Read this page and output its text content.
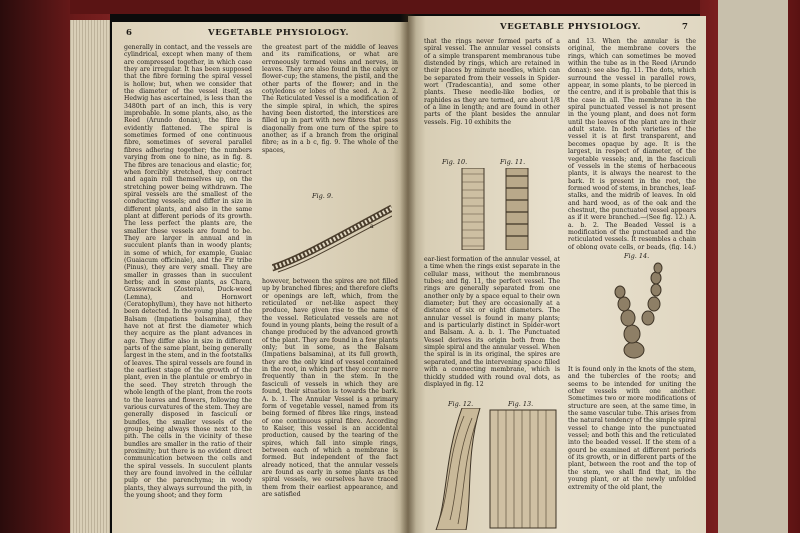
6	VEGETABLE PHYSIOLOGY.
generally in contact, and the vessels are cylindrical, except when many of them are compressed together, in which case they are irregular. It has been supposed that the fibre forming the spiral vessel is hollow; but, when we consider that the diameter of the vessel itself, as Hedwig has ascertained, is less than the 3480th part of an inch, this is very improbable. In some plants, also, as the Reed (Arundo donax), the fibre is evidently flattened. The spiral is sometimes formed of one continuous fibre, sometimes of several parallel fibres adhering together; the numbers varying from one to nine, as in fig. 8. The fibres are tenacious and elastic; for, when forcibly stretched, they contract and again roll themselves up, on the stretching power being withdrawn. The spiral vessels are the smallest of the conducting vessels; and differ in size in different plants, and also in the same plant at different periods of its growth. The less perfect the plants are, the smaller these vessels are found to be. They are larger in annual and in succulent plants than in woody plants; in some of which, for example, Guaiac (Guaiacum officinale), and the Fir tribe (Pinus), they are very small. They are smaller in grasses than in succulent herbs; and in some plants, as Chara, Grasswrack (Zostera), Duck-weed (Lemna), and Hornwort (Ceratophyllum), they have not hitherto been detected. In the young plant of the Balsam (Impatiens balsamina), they have not at first the diameter which they acquire as the plant advances in age. They differ also in size in different parts of the same plant, being generally largest in the stem, and in the footstalks of leaves. The spiral vessels are found in the earliest stage of the growth of the plant, even in the plantule or embryo in the seed. They stretch through the whole length of the plant, from the roots to the leaves and flowers, following the various curvatures of the stem. They are generally disposed in fasciculi or bundles, the smaller vessels of the group being always those next to the pith. The cells in the vicinity of these bundles are smaller in the ratio of their proximity; but there is no evident direct communication between the cells and the spiral vessels. In succulent plants they are found involved in the cellular pulp or the parenchyma; in woody plants, they always surround the pith, in the young shoot; and they form
the greatest part of the middle of leaves and its ramifications, or what are erroneously termed veins and nerves, in leaves. They are also found in the calyx or flower-cup; the stamens, the pistil, and the other parts of the flower; and in the cotyledons or lobes of the seed. A. a. 2. The Reticulated Vessel is a modification of the simple spiral, in which, the spires having been distorted, the interstices are filled up in part with new fibres that pass diagonally from one turn of the spire to another, as if a branch from the original fibre; as in a b c, fig. 9. The whole of the spaces,
Fig. 9.
a
however, between the spires are not filled up by branched fibres; and therefore clefts or openings are left, which, from the reticulated or net-like aspect they produce, have given rise to the name of the vessel. Reticulated vessels are not found in young plants, being the result of a change produced by the advanced growth of the plant. They are found in a few plants only; but in some, as the Balsam (Impatiens balsamina), at its full growth, they are the only kind of vessel contained in the root, in which part they occur more frequently than in the stem. In the fasciculi of vessels in which they are found, their situation is towards the bark. A. b. 1. The Annular Vessel is a primary form of vegetable vessel, named from its being formed of fibres like rings, instead of one continuous spiral fibre. According to Kaiser, this vessel is an accidental production, caused by the tearing of the spires, which fall into simple rings, between each of which a membrane is formed. But independent of the fact already noticed, that the annular vessels are found as early in some plants as the spiral vessels, we ourselves have traced them from their earliest appearance, and are satisfied
VEGETABLE PHYSIOLOGY.	7
that the rings never formed parts of a spiral vessel. The annular vessel consists of a simple transparent membranous tube distended by rings, which are retained in their places by minute needles, which can be separated from their vessels in Spider-wort (Tradescantia), and some other plants. These needle-like bodies, or raphides as they are termed, are about 1/8 of a line in length; and are found in other parts of the plant besides the annular vessels. Fig. 10 exhibits the
Fig. 10.	Fig. 11.
ear-liest formation of the annular vessel, at a time when the rings exist separate in the cellular mass, without the membranous tubes; and fig. 11, the perfect vessel. The rings are generally separated from one another only by a space equal to their own diameter; but they are occasionally at a distance of six or eight diameters. The annular vessel is found in many plants; and is particularly distinct in Spider-wort and Balsam. A. a. b. 1. The Punctuated Vessel derives its origin both from the simple spiral and the annular vessel. When the spiral is in its original, the spires are separated, and the intervening space filled with a connecting membrane, which is thickly studded with round oval dots, as displayed in fig. 12
Fig. 12.	Fig. 13.
and 13. When the annular is the original, the membrane covers the rings, which can sometimes be moved within the tube as in the Reed (Arundo donax): see also fig. 11. The dots, which surround the vessel in parallel rows, appear, in some plants, to be pierced in the centre, and it is probable that this is the case in all. The membrane in the spiral punctuated vessel is not present in the young plant, and does not form until the leaves of the plant are in their adult state. In both varieties of the vessel it is at first transparent, and becomes opaque by age. It is the largest, in respect of diameter, of the vegetable vessels; and, in the fasciculi of vessels in the stems of herbaceous plants, it is always the nearest to the bark. It is present in the root, the formed wood of stems, in branches, leaf-stalks, and the midrib of leaves. In old and hard wood, as of the oak and the chestnut, the punctuated vessel appears as if it were branched.—(See fig. 12.) A. a. b. 2. The Beaded Vessel is a modification of the punctuated and the reticulated vessels. It resembles a chain of oblong ovate cells, or beads, (fig. 14.)
Fig. 14.
It is found only in the knots of the stem, and the tubercles of the roots; and seems to be intended for uniting the other vessels with one another. Sometimes two or more modifications of structure are seen, at the same time, in the same vascular tube. This arises from the natural tendency of the simple spiral vessel to change into the punctuated vessel; and both this and the reticulated into the beaded vessel. If the stem of a gourd be examined at different periods of its growth, or in different parts of the plant, between the root and the top of the stem, we shall find that, in the young plant, or at the newly unfolded extremity of the old plant, the
